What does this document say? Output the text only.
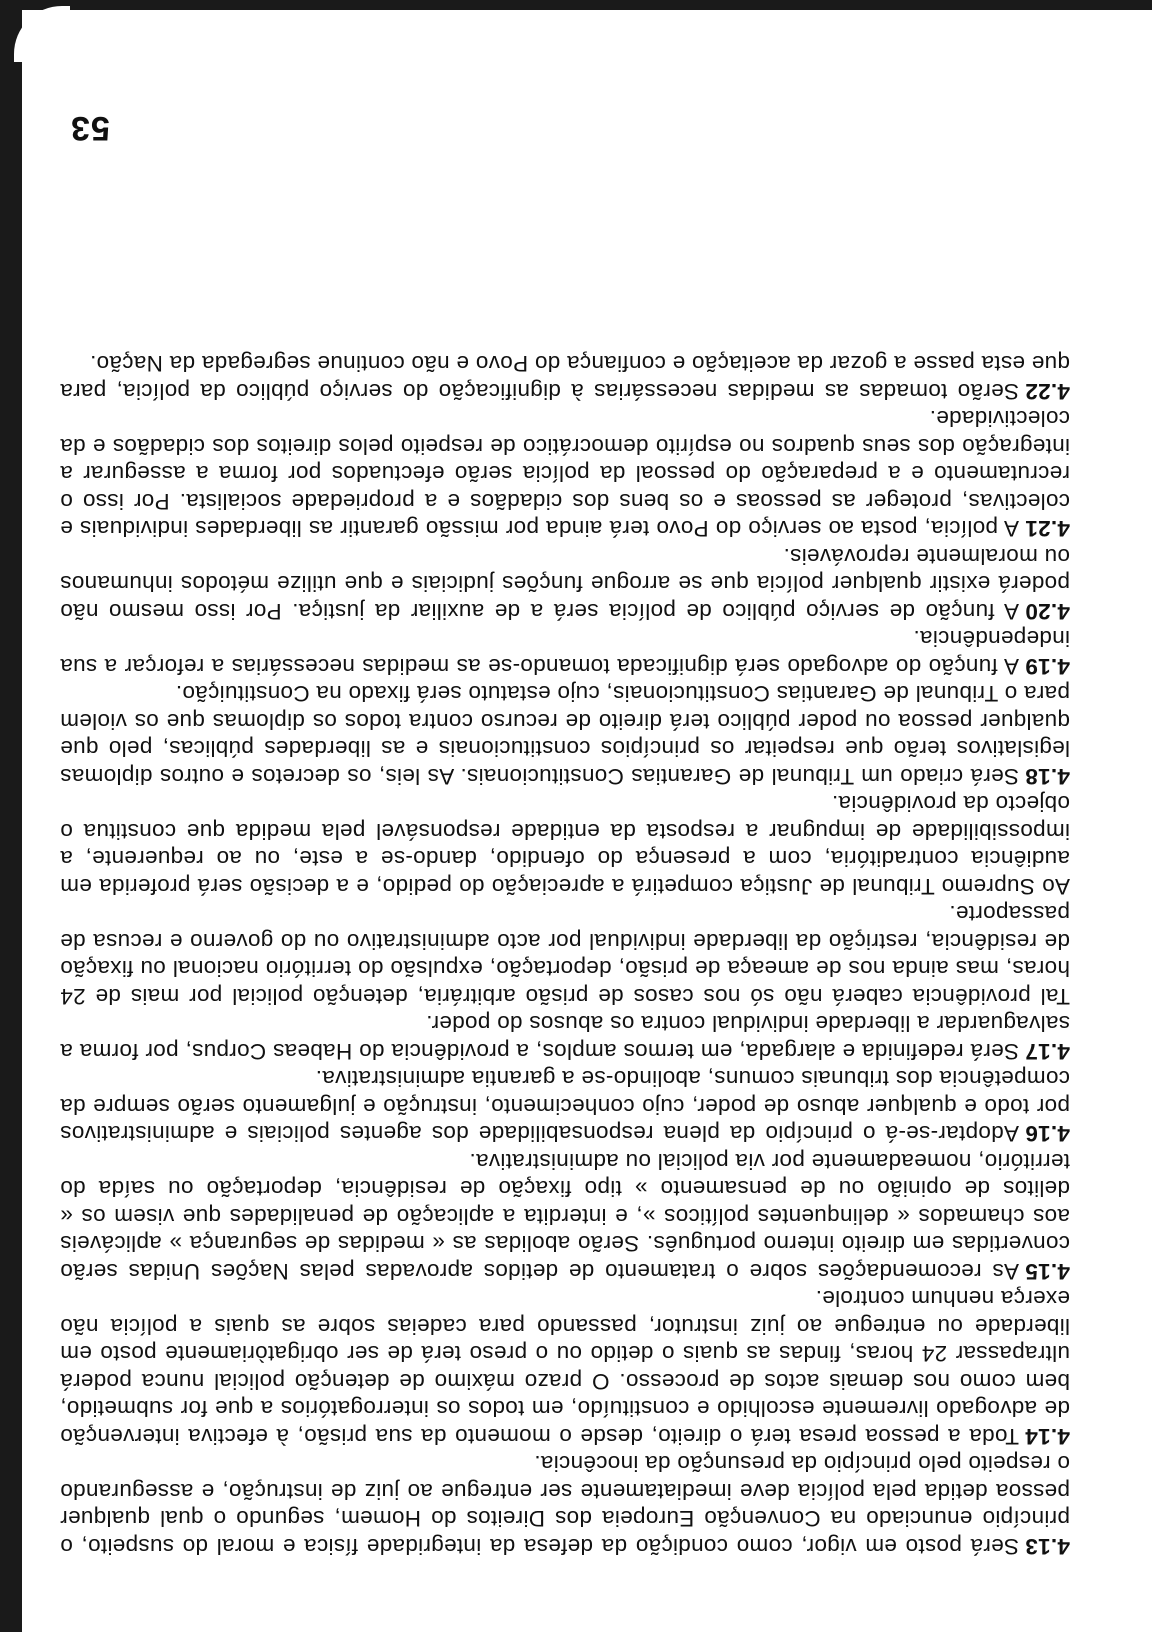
4.13Será posto em vigor, como condição da defesa da integridade física e moral do suspeito, o princípio enunciado na Convenção Europeia dos Direitos do Homem, segundo o qual qualquer pessoa detida pela polícia deve imediatamente ser entregue ao juiz de instrução, e assegurando o respeito pelo princípio da presunção da inocência.

4.14Toda a pessoa presa terá o direito, desde o momento da sua prisão, à efectiva intervenção de advogado livremente escolhido e constituído, em todos os interrogatórios a que for submetido, bem como nos demais actos de processo. O prazo máximo de detenção policial nunca poderá ultrapassar 24 horas, findas as quais o detido ou o preso terá de ser obrigatòriamente posto em liberdade ou entregue ao juiz instrutor, passando para cadeias sobre as quais a polícia não exerça nenhum controle.

4.15As recomendações sobre o tratamento de detidos aprovadas pelas Nações Unidas serão convertidas em direito interno português. Serão abolidas as « medidas de segurança » aplicáveis aos chamados « delinquentes políticos », e interdita a aplicação de penalidades que visem os « delitos de opinião ou de pensamento » tipo fixação de residência, deportação ou saída do território, nomeadamente por via policial ou administrativa.

4.16Adoptar-se-á o princípio da plena responsabilidade dos agentes policiais e administrativos por todo e qualquer abuso de poder, cujo conhecimento, instrução e julgamento serão sempre da competência dos tribunais comuns, abolindo-se a garantia administrativa.

4.17Será redefinida e alargada, em termos amplos, a providência do Habeas Corpus, por forma a salvaguardar a liberdade individual contra os abusos do poder.

Tal providência caberá não só nos casos de prisão arbitrária, detenção policial por mais de 24 horas, mas ainda nos de ameaça de prisão, deportação, expulsão do território nacional ou fixação de residência, restrição da liberdade individual por acto administrativo ou do governo e recusa de passaporte.

Ao Supremo Tribunal de Justiça competirá a apreciação do pedido, e a decisão será proferida em audiência contraditória, com a presença do ofendido, dando-se a este, ou ao requerente, a impossibilidade de impugnar a resposta da entidade responsável pela medida que constitua o objecto da providência.

4.18Será criado um Tribunal de Garantias Constitucionais. As leis, os decretos e outros diplomas legislativos terão que respeitar os princípios constitucionais e as liberdades públicas, pelo que qualquer pessoa ou poder público terá direito de recurso contra todos os diplomas que os violem para o Tribunal de Garantias Constitucionais, cujo estatuto será fixado na Constituição.

4.19A função do advogado será dignificada tomando-se as medidas necessárias a reforçar a sua independência.

4.20A função de serviço público de polícia será a de auxiliar da justiça. Por isso mesmo não poderá existir qualquer polícia que se arrogue funções judiciais e que utilize métodos inhumanos ou moralmente reprováveis.

4.21A polícia, posta ao serviço do Povo terá ainda por missão garantir as liberdades individuais e colectivas, proteger as pessoas e os bens dos cidadãos e a propriedade socialista. Por isso o recrutamento e a preparação do pessoal da polícia serão efectuados por forma a assegurar a integração dos seus quadros no espírito democrático de respeito pelos direitos dos cidadãos e da colectividade.

4.22Serão tomadas as medidas necessárias à dignificação do serviço público da polícia, para que esta passe a gozar da aceitação e confiança do Povo e não continue segregada da Nação.

53
